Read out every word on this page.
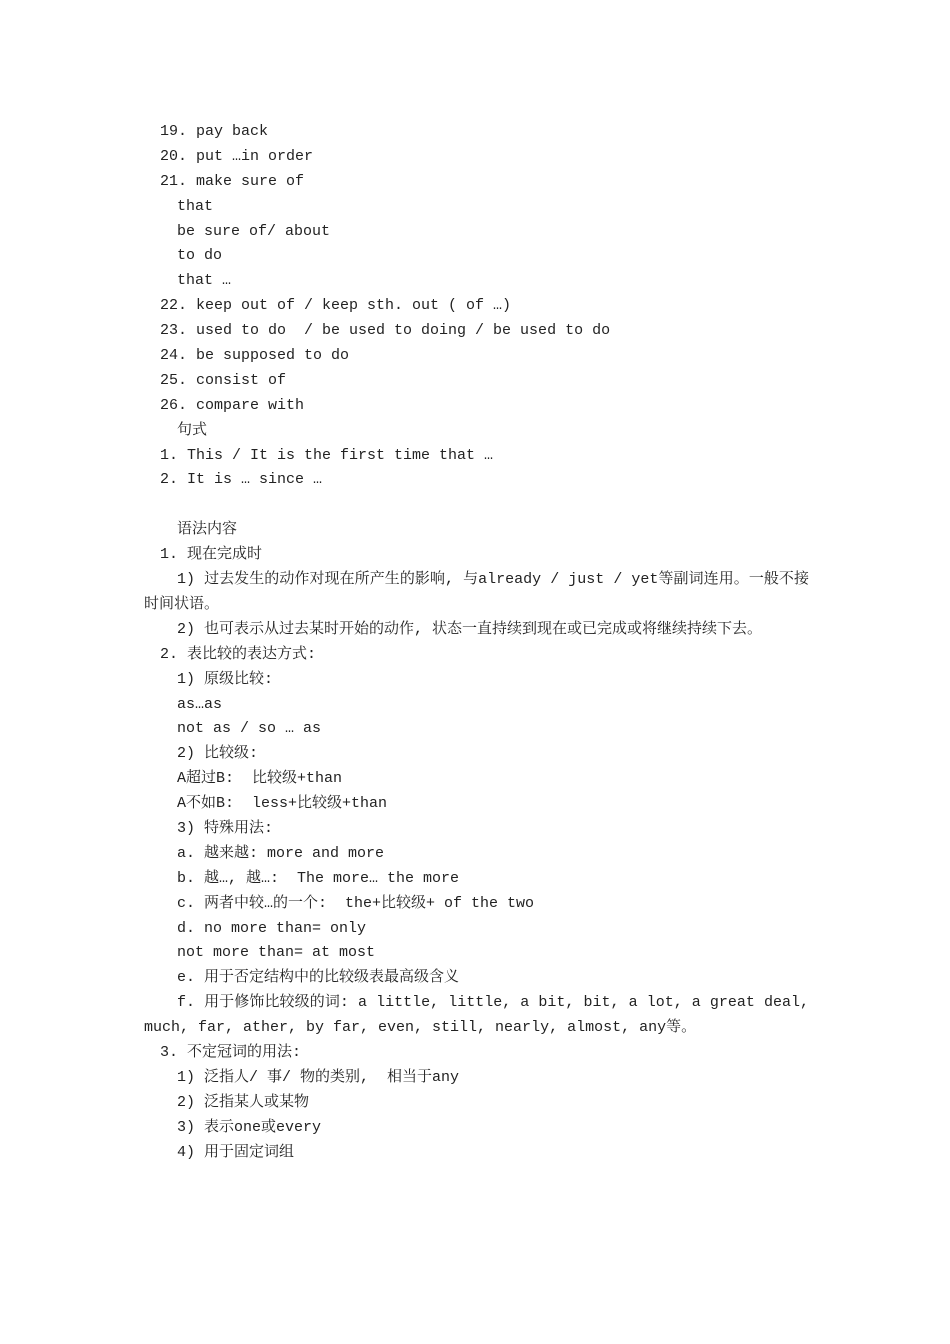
19. pay back
20. put …in order
21. make sure of
that
be sure of/ about
to do
that …
22. keep out of / keep sth. out ( of …)
23. used to do  / be used to doing / be used to do
24. be supposed to do
25. consist of
26. compare with
句式
1. This / It is the first time that …
2. It is … since …
语法内容
1. 现在完成时
1) 过去发生的动作对现在所产生的影响, 与already / just / yet等副词连用。一般不接时间状语。
2) 也可表示从过去某时开始的动作, 状态一直持续到现在或已完成或将继续持续下去。
2. 表比较的表达方式:
1) 原级比较:
as…as
not as / so … as
2) 比较级:
A超过B:  比较级+than
A不如B:  less+比较级+than
3) 特殊用法:
a. 越来越: more and more
b. 越…, 越…:  The more… the more
c. 两者中较…的一个:  the+比较级+ of the two
d. no more than= only
not more than= at most
e. 用于否定结构中的比较级表最高级含义
f. 用于修饰比较级的词: a little, little, a bit, bit, a lot, a great deal, much, far, ather, by far, even, still, nearly, almost, any等。
3. 不定冠词的用法:
1) 泛指人/ 事/ 物的类别,  相当于any
2) 泛指某人或某物
3) 表示one或every
4) 用于固定词组
